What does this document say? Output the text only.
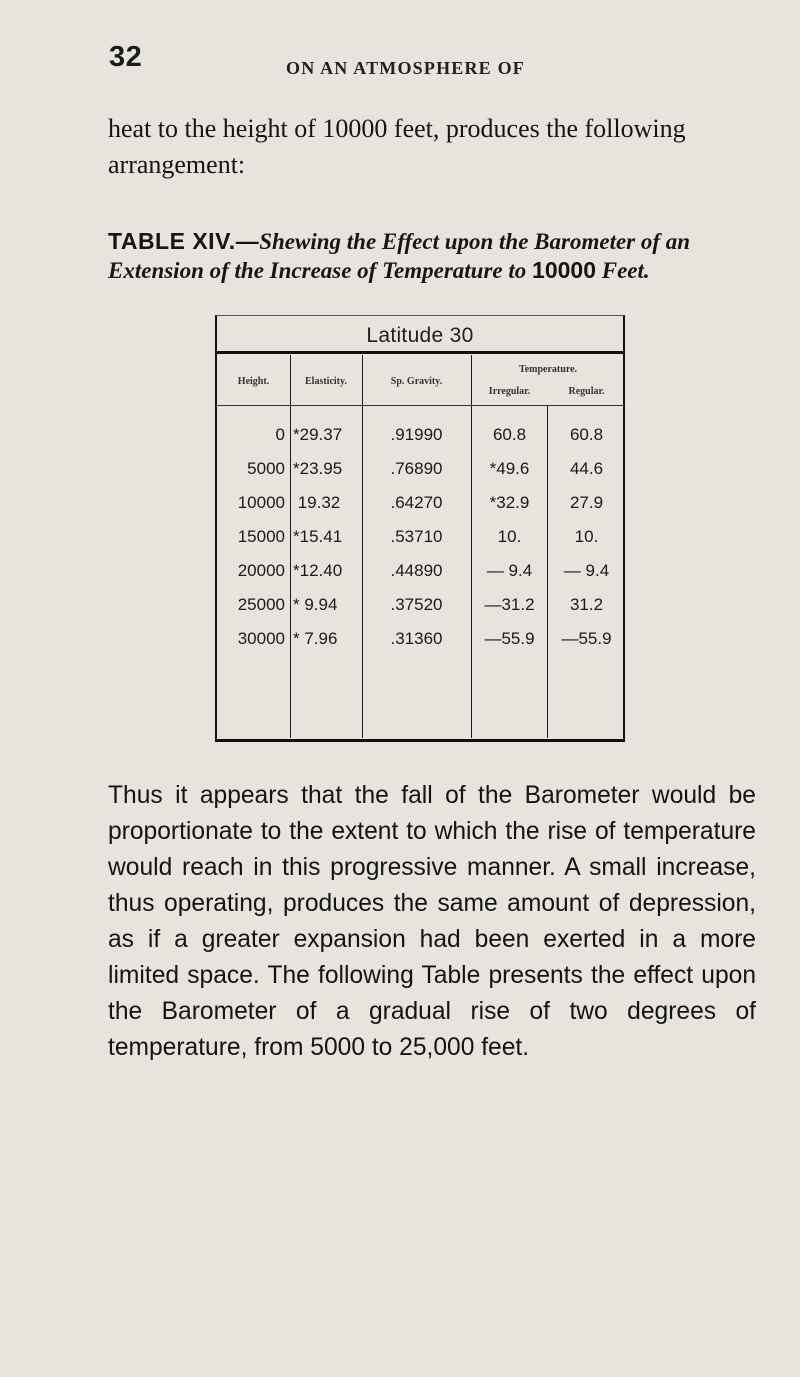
32	ON AN ATMOSPHERE OF

heat to the height of 10000 feet, produces the following arrangement:

TABLE XIV.—Shewing the Effect upon the Barometer of an Extension of the Increase of Temperature to 10000 Feet.

Latitude 30
Height.	Elasticity.	Sp. Gravity.
Temperature.
Irregular.	Regular.
0 *29.37	.91990	60.8	60.8
5000 *23.95	.76890	*49.6	44.6
10000 19.32	.64270	*32.9	27.9
15000 *15.41	.53710	10.	10.
20000 *12.40	.44890	— 9.4	— 9.4
25000 * 9.94	.37520	—31.2	31.2
30000 * 7.96	.31360	—55.9	—55.9

Thus it appears that the fall of the Barometer would be proportionate to the extent to which the rise of temperature would reach in this progressive manner. A small increase, thus operating, produces the same amount of depression, as if a greater expansion had been exerted in a more limited space. The following Table presents the effect upon the Barometer of a gradual rise of two degrees of temperature, from 5000 to 25,000 feet.
